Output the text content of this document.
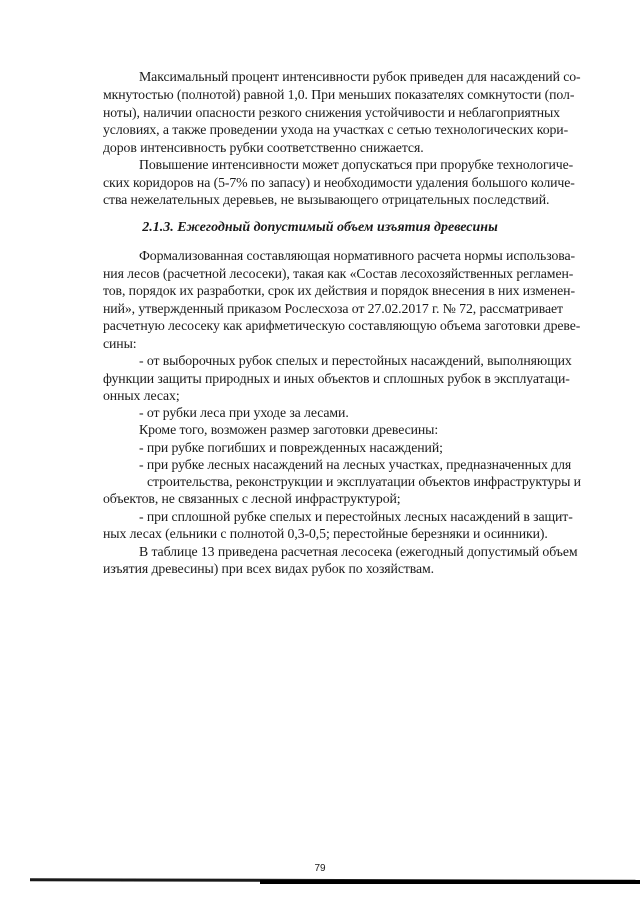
Максимальный процент интенсивности рубок приведен для насаждений со-
мкнутостью (полнотой) равной 1,0. При меньших показателях сомкнутости (пол-
ноты), наличии опасности резкого снижения устойчивости и неблагоприятных
условиях, а также проведении ухода на участках с сетью технологических кори-
доров интенсивность рубки соответственно снижается.
Повышение интенсивности может допускаться при прорубке технологиче-
ских коридоров на (5-7% по запасу) и необходимости удаления большого количе-
ства нежелательных деревьев, не вызывающего отрицательных последствий.
2.1.3. Ежегодный допустимый объем изъятия древесины
Формализованная составляющая нормативного расчета нормы использова-
ния лесов (расчетной лесосеки), такая как «Состав лесохозяйственных регламен-
тов, порядок их разработки, срок их действия и порядок внесения в них изменен-
ний», утвержденный приказом Рослесхоза от 27.02.2017 г. № 72, рассматривает
расчетную лесосеку как арифметическую составляющую объема заготовки древе-
сины:
- от выборочных рубок спелых и перестойных насаждений, выполняющих
функции защиты природных и иных объектов и сплошных рубок в эксплуатаци-
онных лесах;
- от рубки леса при уходе за лесами.
Кроме того, возможен размер заготовки древесины:
- при рубке погибших и поврежденных насаждений;
- при рубке лесных насаждений на лесных участках, предназначенных для
строительства, реконструкции и эксплуатации объектов инфраструктуры и
объектов, не связанных с лесной инфраструктурой;
- при сплошной рубке спелых и перестойных лесных насаждений в защит-
ных лесах (ельники с полнотой 0,3-0,5; перестойные березняки и осинники).
В таблице 13 приведена расчетная лесосека (ежегодный допустимый объем
изъятия древесины) при всех видах рубок по хозяйствам.
79
